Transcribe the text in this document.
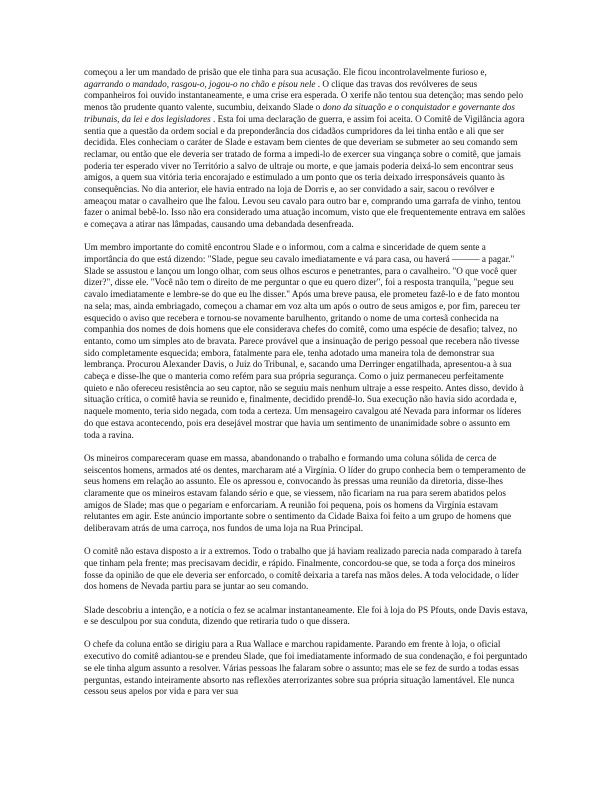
começou a ler um mandado de prisão que ele tinha para sua acusação. Ele ficou incontrolavelmente furioso e, agarrando o mandado, rasgou-o, jogou-o no chão e pisou nele . O clique das travas dos revólveres de seus companheiros foi ouvido instantaneamente, e uma crise era esperada. O xerife não tentou sua detenção; mas sendo pelo menos tão prudente quanto valente, sucumbiu, deixando Slade o dono da situação e o conquistador e governante dos tribunais, da lei e dos legisladores . Esta foi uma declaração de guerra, e assim foi aceita. O Comitê de Vigilância agora sentia que a questão da ordem social e da preponderância dos cidadãos cumpridores da lei tinha então e ali que ser decidida. Eles conheciam o caráter de Slade e estavam bem cientes de que deveriam se submeter ao seu comando sem reclamar, ou então que ele deveria ser tratado de forma a impedi-lo de exercer sua vingança sobre o comitê, que jamais poderia ter esperado viver no Território a salvo de ultraje ou morte, e que jamais poderia deixá-lo sem encontrar seus amigos, a quem sua vitória teria encorajado e estimulado a um ponto que os teria deixado irresponsáveis quanto às consequências. No dia anterior, ele havia entrado na loja de Dorris e, ao ser convidado a sair, sacou o revólver e ameaçou matar o cavalheiro que lhe falou. Levou seu cavalo para outro bar e, comprando uma garrafa de vinho, tentou fazer o animal bebê-lo. Isso não era considerado uma atuação incomum, visto que ele frequentemente entrava em salões e começava a atirar nas lâmpadas, causando uma debandada desenfreada.

Um membro importante do comitê encontrou Slade e o informou, com a calma e sinceridade de quem sente a importância do que está dizendo: "Slade, pegue seu cavalo imediatamente e vá para casa, ou haverá ——— a pagar." Slade se assustou e lançou um longo olhar, com seus olhos escuros e penetrantes, para o cavalheiro. "O que você quer dizer?", disse ele. "Você não tem o direito de me perguntar o que eu quero dizer", foi a resposta tranquila, "pegue seu cavalo imediatamente e lembre-se do que eu lhe disser." Após uma breve pausa, ele prometeu fazê-lo e de fato montou na sela; mas, ainda embriagado, começou a chamar em voz alta um após o outro de seus amigos e, por fim, pareceu ter esquecido o aviso que recebera e tornou-se novamente barulhento, gritando o nome de uma cortesã conhecida na companhia dos nomes de dois homens que ele considerava chefes do comitê, como uma espécie de desafio; talvez, no entanto, como um simples ato de bravata. Parece provável que a insinuação de perigo pessoal que recebera não tivesse sido completamente esquecida; embora, fatalmente para ele, tenha adotado uma maneira tola de demonstrar sua lembrança. Procurou Alexander Davis, o Juiz do Tribunal, e, sacando uma Derringer engatilhada, apresentou-a à sua cabeça e disse-lhe que o manteria como refém para sua própria segurança. Como o juiz permaneceu perfeitamente quieto e não ofereceu resistência ao seu captor, não se seguiu mais nenhum ultraje a esse respeito. Antes disso, devido à situação crítica, o comitê havia se reunido e, finalmente, decidido prendê-lo. Sua execução não havia sido acordada e, naquele momento, teria sido negada, com toda a certeza. Um mensageiro cavalgou até Nevada para informar os líderes do que estava acontecendo, pois era desejável mostrar que havia um sentimento de unanimidade sobre o assunto em toda a ravina.

Os mineiros compareceram quase em massa, abandonando o trabalho e formando uma coluna sólida de cerca de seiscentos homens, armados até os dentes, marcharam até a Virgínia. O líder do grupo conhecia bem o temperamento de seus homens em relação ao assunto. Ele os apressou e, convocando às pressas uma reunião da diretoria, disse-lhes claramente que os mineiros estavam falando sério e que, se viessem, não ficariam na rua para serem abatidos pelos amigos de Slade; mas que o pegariam e enforcariam. A reunião foi pequena, pois os homens da Virgínia estavam relutantes em agir. Este anúncio importante sobre o sentimento da Cidade Baixa foi feito a um grupo de homens que deliberavam atrás de uma carroça, nos fundos de uma loja na Rua Principal.

O comitê não estava disposto a ir a extremos. Todo o trabalho que já haviam realizado parecia nada comparado à tarefa que tinham pela frente; mas precisavam decidir, e rápido. Finalmente, concordou-se que, se toda a força dos mineiros fosse da opinião de que ele deveria ser enforcado, o comitê deixaria a tarefa nas mãos deles. A toda velocidade, o líder dos homens de Nevada partiu para se juntar ao seu comando.

Slade descobriu a intenção, e a notícia o fez se acalmar instantaneamente. Ele foi à loja do PS Pfouts, onde Davis estava, e se desculpou por sua conduta, dizendo que retiraria tudo o que dissera.

O chefe da coluna então se dirigiu para a Rua Wallace e marchou rapidamente. Parando em frente à loja, o oficial executivo do comitê adiantou-se e prendeu Slade, que foi imediatamente informado de sua condenação, e foi perguntado se ele tinha algum assunto a resolver. Várias pessoas lhe falaram sobre o assunto; mas ele se fez de surdo a todas essas perguntas, estando inteiramente absorto nas reflexões aterrorizantes sobre sua própria situação lamentável. Ele nunca cessou seus apelos por vida e para ver sua
